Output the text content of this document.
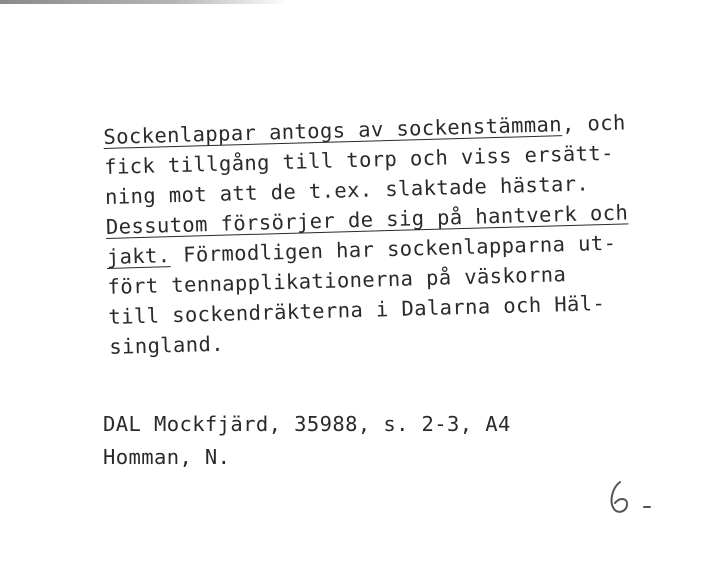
Sockenlappar antogs av sockenstämman, och
fick tillgång till torp och viss ersätt-
ning mot att de t.ex. slaktade hästar.
Dessutom försörjer de sig på hantverk och
jakt. Förmodligen har sockenlapparna ut-
fört tennapplikationerna på väskorna
till sockendräkterna i Dalarna och Häl-
singland.
DAL Mockfjärd, 35988, s. 2-3, A4
Homman, N.
